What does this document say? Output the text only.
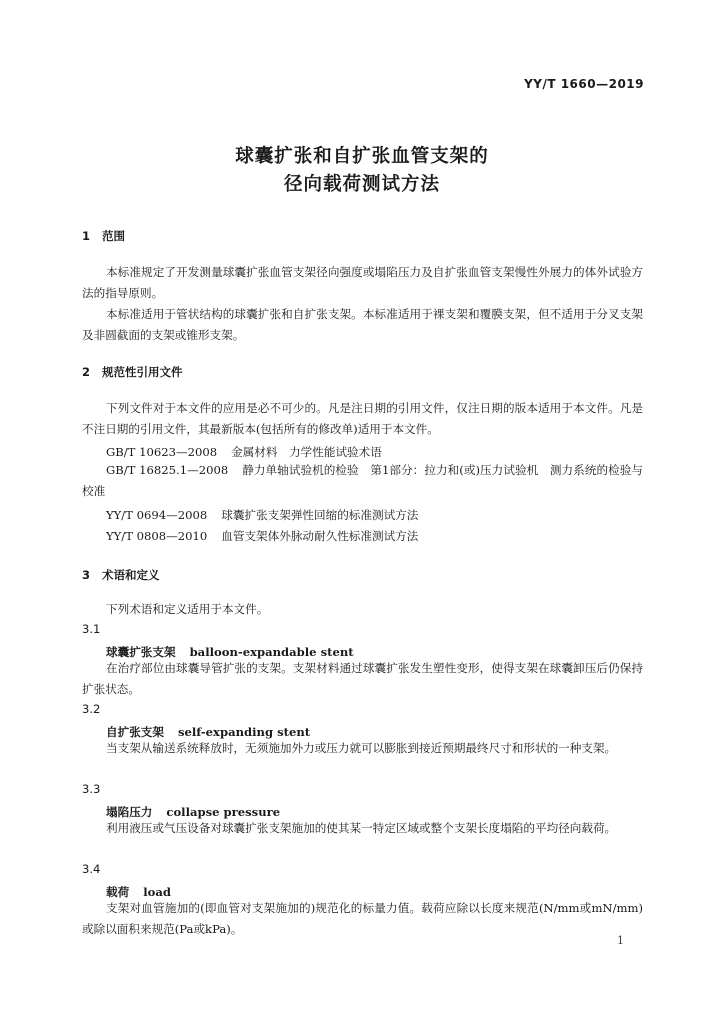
YY/T 1660—2019
球囊扩张和自扩张血管支架的
径向载荷测试方法
1 范围

本标准规定了开发测量球囊扩张血管支架径向强度或塌陷压力及自扩张血管支架慢性外展力的体外试验方法的指导原则。

本标准适用于管状结构的球囊扩张和自扩张支架。本标准适用于裸支架和覆膜支架，但不适用于分叉支架及非圆截面的支架或锥形支架。

2 规范性引用文件

下列文件对于本文件的应用是必不可少的。凡是注日期的引用文件，仅注日期的版本适用于本文件。凡是不注日期的引用文件，其最新版本(包括所有的修改单)适用于本文件。

GB/T 10623—2008 金属材料　力学性能试验术语

GB/T 16825.1—2008 静力单轴试验机的检验　第1部分：拉力和(或)压力试验机　测力系统的检验与校准

YY/T 0694—2008 球囊扩张支架弹性回缩的标准测试方法
YY/T 0808—2010 血管支架体外脉动耐久性标准测试方法
3 术语和定义

下列术语和定义适用于本文件。

3.1
球囊扩张支架 balloon-expandable stent

在治疗部位由球囊导管扩张的支架。支架材料通过球囊扩张发生塑性变形，使得支架在球囊卸压后仍保持扩张状态。

3.2
自扩张支架 self-expanding stent

当支架从输送系统释放时，无须施加外力或压力就可以膨胀到接近预期最终尺寸和形状的一种支架。

3.3
塌陷压力 collapse pressure

利用液压或气压设备对球囊扩张支架施加的使其某一特定区域或整个支架长度塌陷的平均径向载荷。

3.4
载荷 load

支架对血管施加的(即血管对支架施加的)规范化的标量力值。载荷应除以长度来规范(N/mm或mN/mm)或除以面积来规范(Pa或kPa)。

1
